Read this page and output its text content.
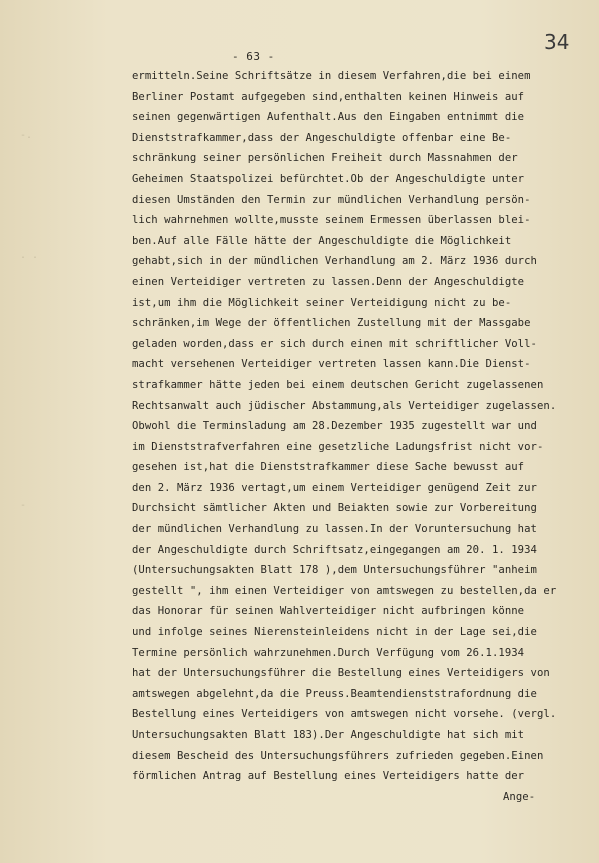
-.
. .
-
- 63 -
34
ermitteln.Seine Schriftsätze in diesem Verfahren,die bei einem
Berliner Postamt aufgegeben sind,enthalten keinen Hinweis auf
seinen gegenwärtigen Aufenthalt.Aus den Eingaben entnimmt die
Dienststrafkammer,dass der Angeschuldigte offenbar eine Be-
schränkung seiner persönlichen Freiheit durch Massnahmen der
Geheimen Staatspolizei befürchtet.Ob der Angeschuldigte unter
diesen Umständen den Termin zur mündlichen Verhandlung persön-
lich wahrnehmen wollte,musste seinem Ermessen überlassen blei-
ben.Auf alle Fälle hätte der Angeschuldigte die Möglichkeit
gehabt,sich in der mündlichen Verhandlung am 2. März 1936 durch
einen Verteidiger vertreten zu lassen.Denn der Angeschuldigte
ist,um ihm die Möglichkeit seiner Verteidigung nicht zu be-
schränken,im Wege der öffentlichen Zustellung mit der Massgabe
geladen worden,dass er sich durch einen mit schriftlicher Voll-
macht versehenen Verteidiger vertreten lassen kann.Die Dienst-
strafkammer hätte jeden bei einem deutschen Gericht zugelassenen
Rechtsanwalt auch jüdischer Abstammung,als Verteidiger zugelassen.
Obwohl die Terminsladung am 28.Dezember 1935 zugestellt war und
im Dienststrafverfahren eine gesetzliche Ladungsfrist nicht vor-
gesehen ist,hat die Dienststrafkammer diese Sache bewusst auf
den 2. März 1936 vertagt,um einem Verteidiger genügend Zeit zur
Durchsicht sämtlicher Akten und Beiakten sowie zur Vorbereitung
der mündlichen Verhandlung zu lassen.In der Voruntersuchung hat
der Angeschuldigte durch Schriftsatz,eingegangen am 20. 1. 1934
(Untersuchungsakten Blatt 178 ),dem Untersuchungsführer "anheim
gestellt ", ihm einen Verteidiger von amtswegen zu bestellen,da er
das Honorar für seinen Wahlverteidiger nicht aufbringen könne
und infolge seines Nierensteinleidens nicht in der Lage sei,die
Termine persönlich wahrzunehmen.Durch Verfügung vom 26.1.1934
hat der Untersuchungsführer die Bestellung eines Verteidigers von
amtswegen abgelehnt,da die Preuss.Beamtendienststrafordnung die
Bestellung eines Verteidigers von amtswegen nicht vorsehe. (vergl.
Untersuchungsakten Blatt 183).Der Angeschuldigte hat sich mit
diesem Bescheid des Untersuchungsführers zufrieden gegeben.Einen
förmlichen Antrag auf Bestellung eines Verteidigers hatte der
Ange-
